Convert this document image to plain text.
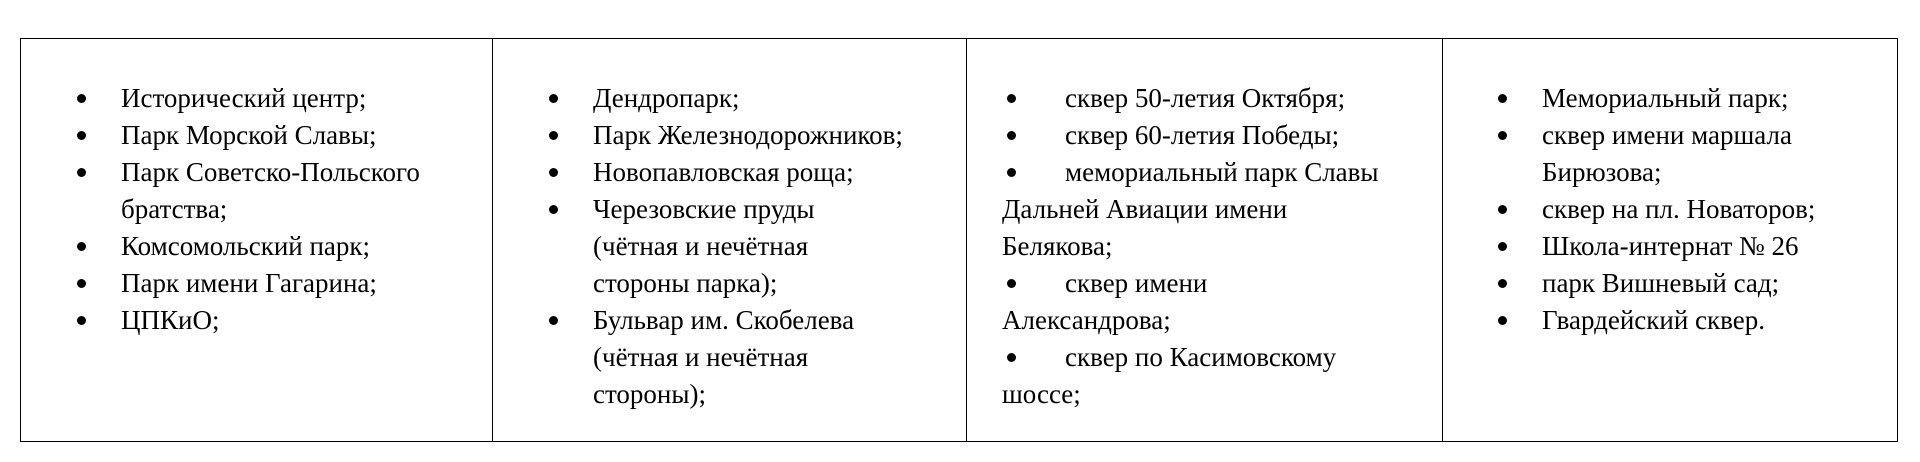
Исторический центр;
Парк Морской Славы;
Парк Советско-Польского
братства;
Комсомольский парк;
Парк имени Гагарина;
ЦПКиО;
Дендропарк;
Парк Железнодорожников;
Новопавловская роща;
Черезовские пруды
(чётная и нечётная
стороны парка);
Бульвар им. Скобелева
(чётная и нечётная
стороны);
сквер 50-летия Октября;
сквер 60-летия Победы;
мемориальный парк Славы
Дальней Авиации имени
Белякова;
сквер имени
Александрова;
сквер по Касимовскому
шоссе;
Мемориальный парк;
сквер имени маршала
Бирюзова;
сквер на пл. Новаторов;
Школа-интернат № 26
парк Вишневый сад;
Гвардейский сквер.
